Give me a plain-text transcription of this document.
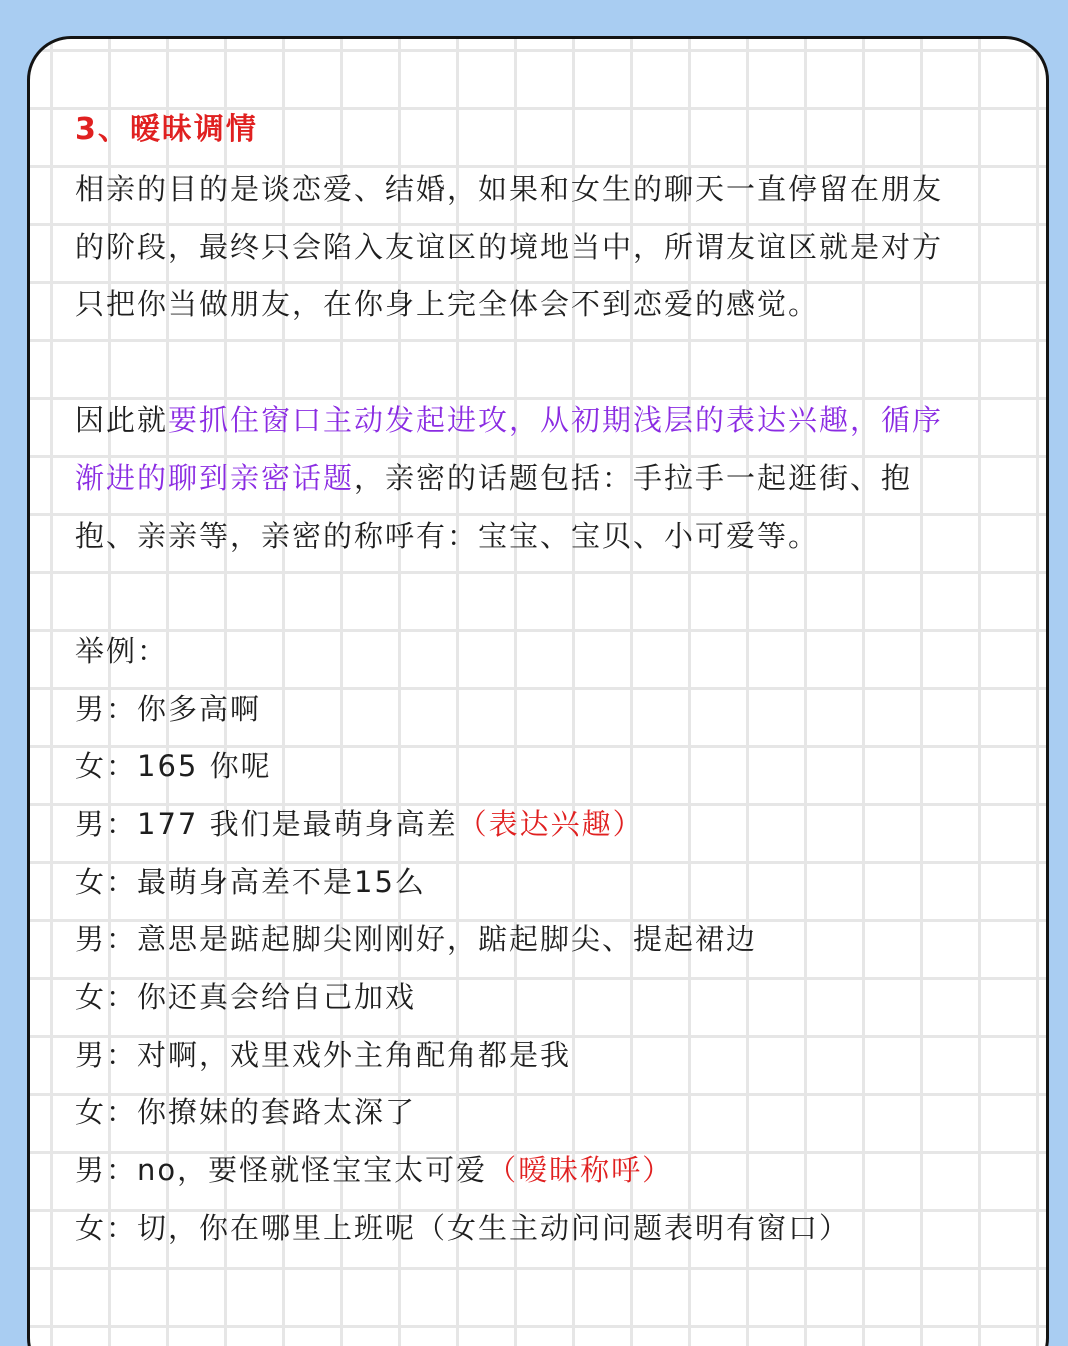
3、暧昧调情
相亲的目的是谈恋爱、结婚，如果和女生的聊天一直停留在朋友
的阶段，最终只会陷入友谊区的境地当中，所谓友谊区就是对方
只把你当做朋友，在你身上完全体会不到恋爱的感觉。
因此就要抓住窗口主动发起进攻，从初期浅层的表达兴趣，循序
渐进的聊到亲密话题，亲密的话题包括：手拉手一起逛街、抱
抱、亲亲等，亲密的称呼有：宝宝、宝贝、小可爱等。
举例：
男：你多高啊
女：165 你呢
男：177 我们是最萌身高差（表达兴趣）
女：最萌身高差不是15么
男：意思是踮起脚尖刚刚好，踮起脚尖、提起裙边
女：你还真会给自己加戏
男：对啊，戏里戏外主角配角都是我
女：你撩妹的套路太深了
男：no，要怪就怪宝宝太可爱（暧昧称呼）
女：切，你在哪里上班呢（女生主动问问题表明有窗口）
